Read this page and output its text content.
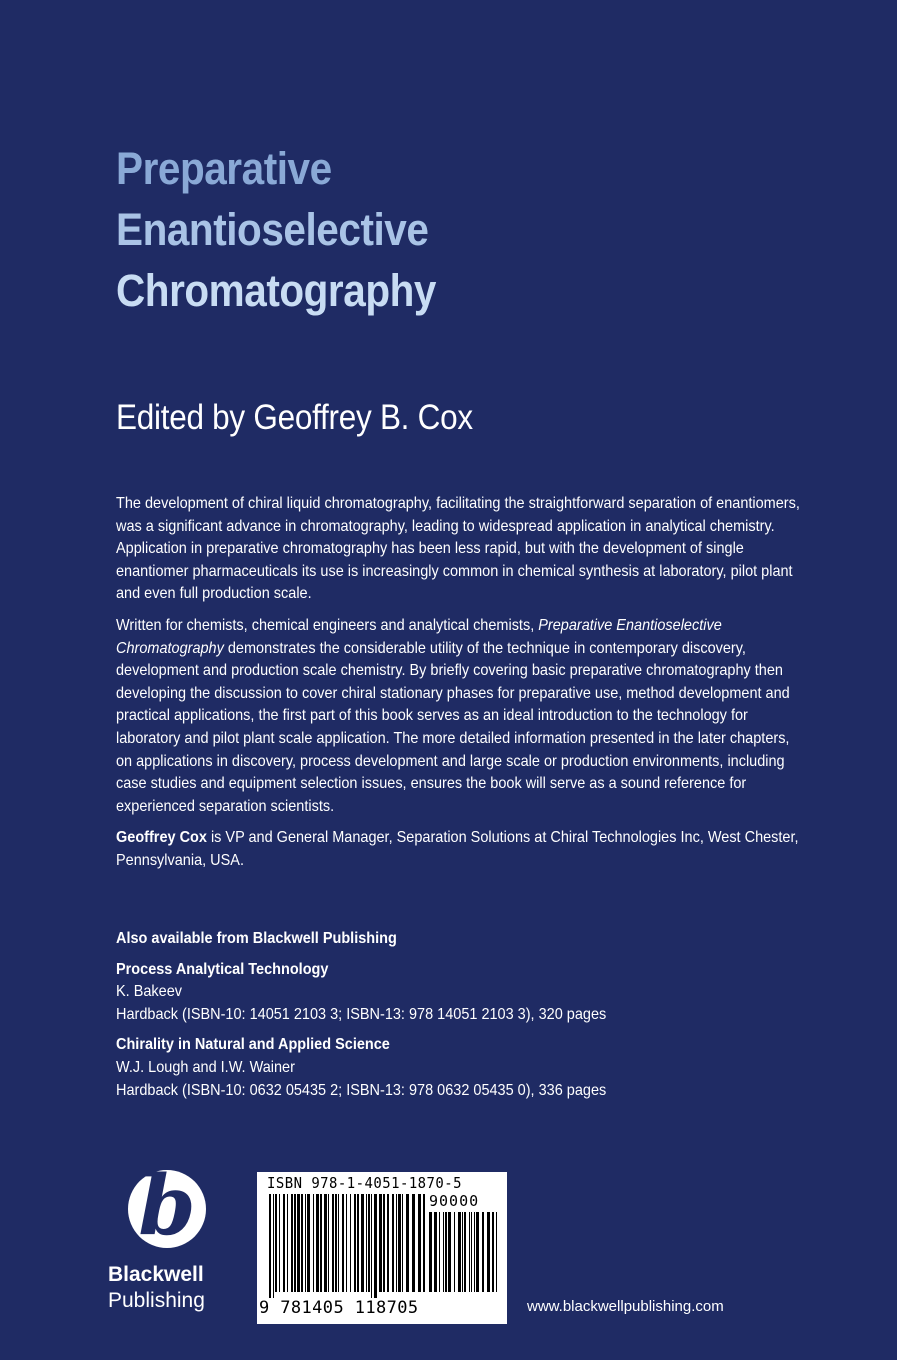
Preparative
Enantioselective
Chromatography
Edited by Geoffrey B. Cox

The development of chiral liquid chromatography, facilitating the straightforward separation of enantiomers, was a significant advance in chromatography, leading to widespread application in analytical chemistry. Application in preparative chromatography has been less rapid, but with the development of single enantiomer pharmaceuticals its use is increasingly common in chemical synthesis at laboratory, pilot plant and even full production scale.

Written for chemists, chemical engineers and analytical chemists, Preparative Enantioselective Chromatography demonstrates the considerable utility of the technique in contemporary discovery, development and production scale chemistry. By briefly covering basic preparative chromatography then developing the discussion to cover chiral stationary phases for preparative use, method development and practical applications, the first part of this book serves as an ideal introduction to the technology for laboratory and pilot plant scale application. The more detailed information presented in the later chapters, on applications in discovery, process development and large scale or production environments, including case studies and equipment selection issues, ensures the book will serve as a sound reference for experienced separation scientists.

Geoffrey Cox is VP and General Manager, Separation Solutions at Chiral Technologies Inc, West Chester, Pennsylvania, USA.

Also available from Blackwell Publishing
Process Analytical Technology
K. Bakeev
Hardback (ISBN-10: 14051 2103 3; ISBN-13: 978 14051 2103 3), 320 pages
Chirality in Natural and Applied Science
W.J. Lough and I.W. Wainer
Hardback (ISBN-10: 0632 05435 2; ISBN-13: 978 0632 05435 0), 336 pages
b
Blackwell
Publishing
ISBN 978-1-4051-1870-5
90000
9 781405 118705	www.blackwellpublishing.com
